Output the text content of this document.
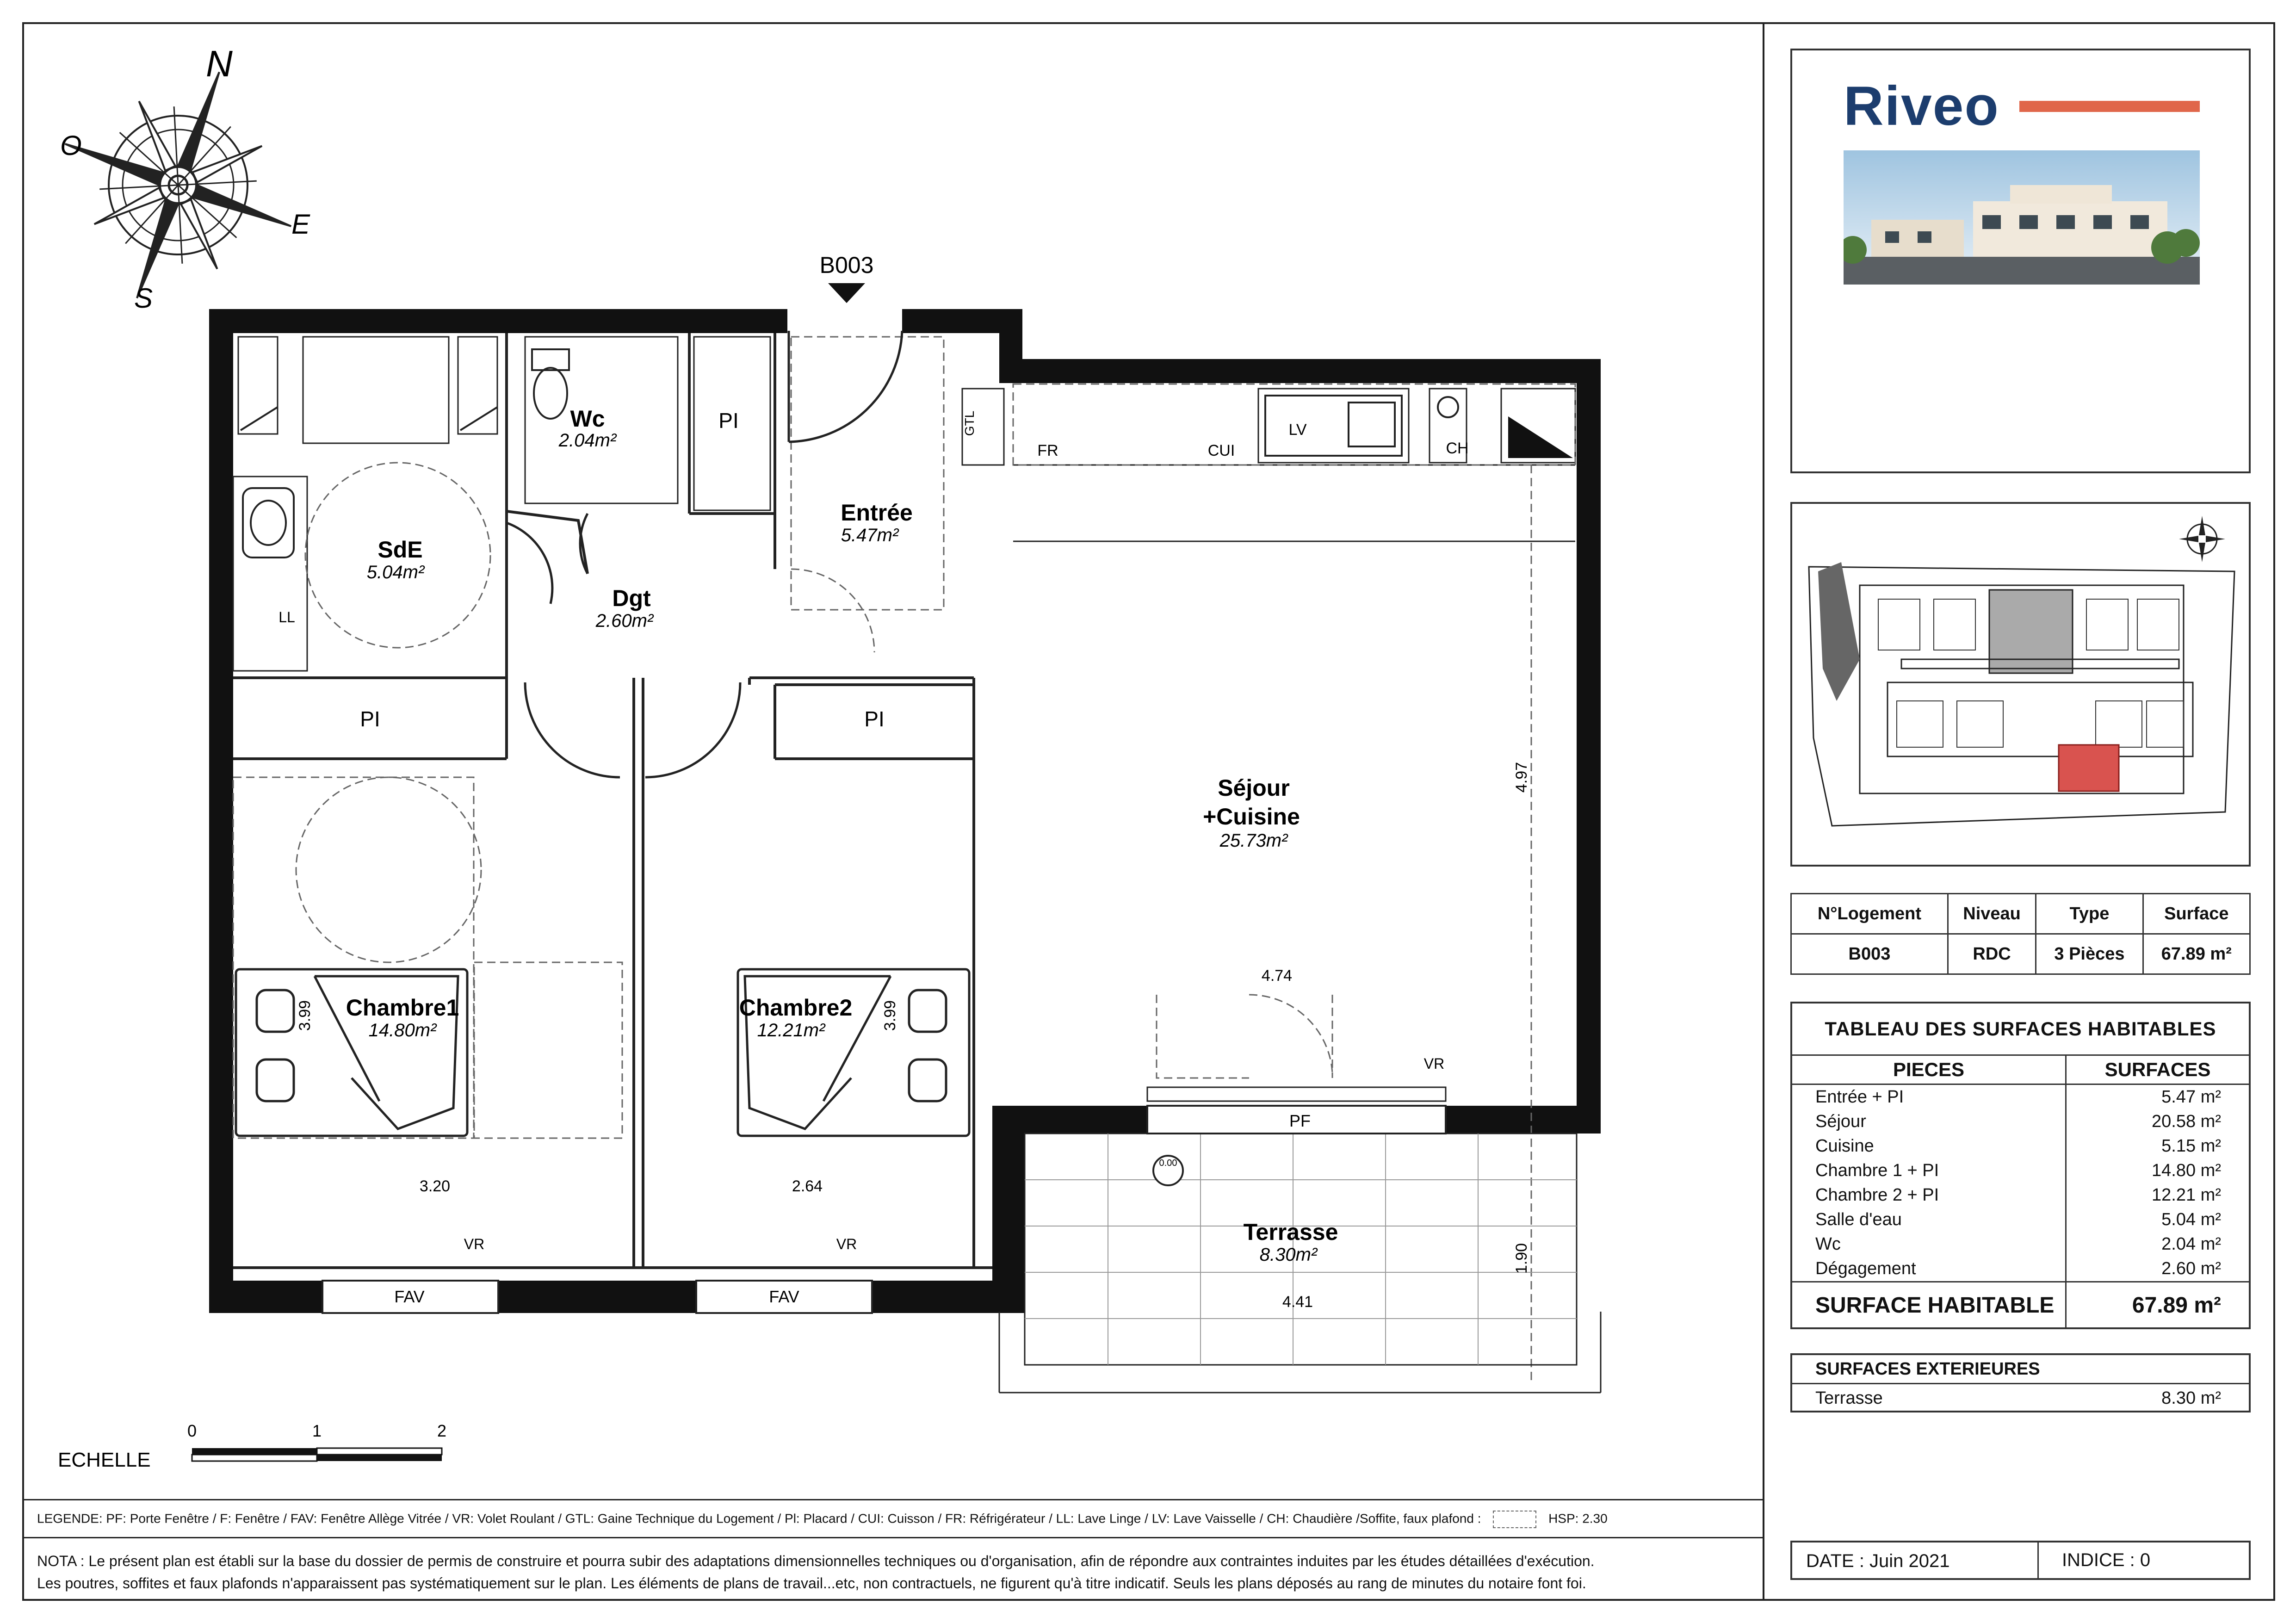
N
E
O
S
B003
Wc
2.04m²
SdE
5.04m²
Dgt
2.60m²
Entrée
5.47m²
Séjour
+Cuisine
25.73m²
Chambre1
14.80m²
Chambre2
12.21m²
Terrasse
8.30m²
PI
PI	PI
LL
FR	CUI
LV
CH
VR
VR	VR
PF
FAV	FAV
0.00
4.74
3.20	2.64
4.41
4.97
1.90
3.99	3.99
GTL
ECHELLE
0	1	2
LEGENDE: PF: Porte Fenêtre / F: Fenêtre / FAV: Fenêtre Allège Vitrée / VR: Volet Roulant / GTL: Gaine Technique du Logement / Pl: Placard / CUI: Cuisson / FR: Réfrigérateur / LL: Lave Linge / LV: Lave Vaisselle / CH: Chaudière /Soffite, faux plafond :	HSP: 2.30
NOTA : Le présent plan est établi sur la base du dossier de permis de construire et pourra subir des adaptations dimensionnelles techniques ou d'organisation, afin de répondre aux contraintes induites par les études détaillées d'exécution.
Les poutres, soffites et faux plafonds n'apparaissent pas systématiquement sur le plan. Les éléments de plans de travail...etc, non contractuels, ne figurent qu'à titre indicatif. Seuls les plans déposés au rang de minutes du notaire font foi.
Riveo
N°Logement	Niveau	Type	Surface
B003	RDC	3 Pièces	67.89 m²
TABLEAU DES SURFACES HABITABLES
PIECES	SURFACES
Entrée + PI	5.47 m²
Séjour	20.58 m²
Cuisine	5.15 m²
Chambre 1 + PI	14.80 m²
Chambre 2 + PI	12.21 m²
Salle d'eau	5.04 m²
Wc	2.04 m²
Dégagement	2.60 m²
SURFACE HABITABLE	67.89 m²
SURFACES EXTERIEURES
Terrasse	8.30 m²
DATE : Juin 2021	INDICE : 0
